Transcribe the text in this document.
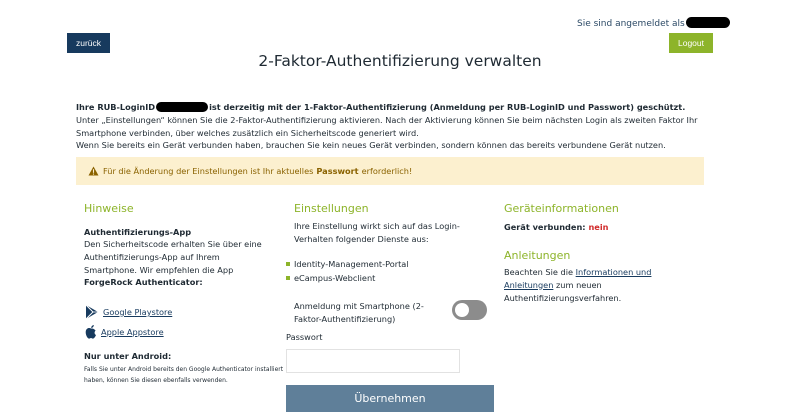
Sie sind angemeldet als
zurück	Logout
2-Faktor-Authentifizierung verwalten
Ihre RUB-LoginID	ist derzeitig mit der 1-Faktor-Authentifizierung (Anmeldung per RUB-LoginID und Passwort) geschützt.
Unter „Einstellungen“ können Sie die 2-Faktor-Authentifizierung aktivieren. Nach der Aktivierung können Sie beim nächsten Login als zweiten Faktor Ihr Smartphone verbinden, über welches zusätzlich ein Sicherheitscode generiert wird.
Wenn Sie bereits ein Gerät verbunden haben, brauchen Sie kein neues Gerät verbinden, sondern können das bereits verbundene Gerät nutzen.
Für die Änderung der Einstellungen ist Ihr aktuelles Passwort erforderlich!
Hinweise
Authentifizierungs-App
Den Sicherheitscode erhalten Sie über eine Authentifizierungs-App auf Ihrem Smartphone. Wir empfehlen die App ForgeRock Authenticator:
Google Playstore
Apple Appstore
Nur unter Android:
Falls Sie unter Android bereits den Google Authenticator installiert haben, können Sie diesen ebenfalls verwenden.
Einstellungen
Ihre Einstellung wirkt sich auf das Login-Verhalten folgender Dienste aus:
Identity-Management-Portal
eCampus-Webclient
Anmeldung mit Smartphone (2-Faktor-Authentifizierung)
Passwort
Übernehmen
Geräteinformationen
Gerät verbunden: nein
Anleitungen
Beachten Sie die Informationen und
Anleitungen zum neuen Authentifizierungsverfahren.
